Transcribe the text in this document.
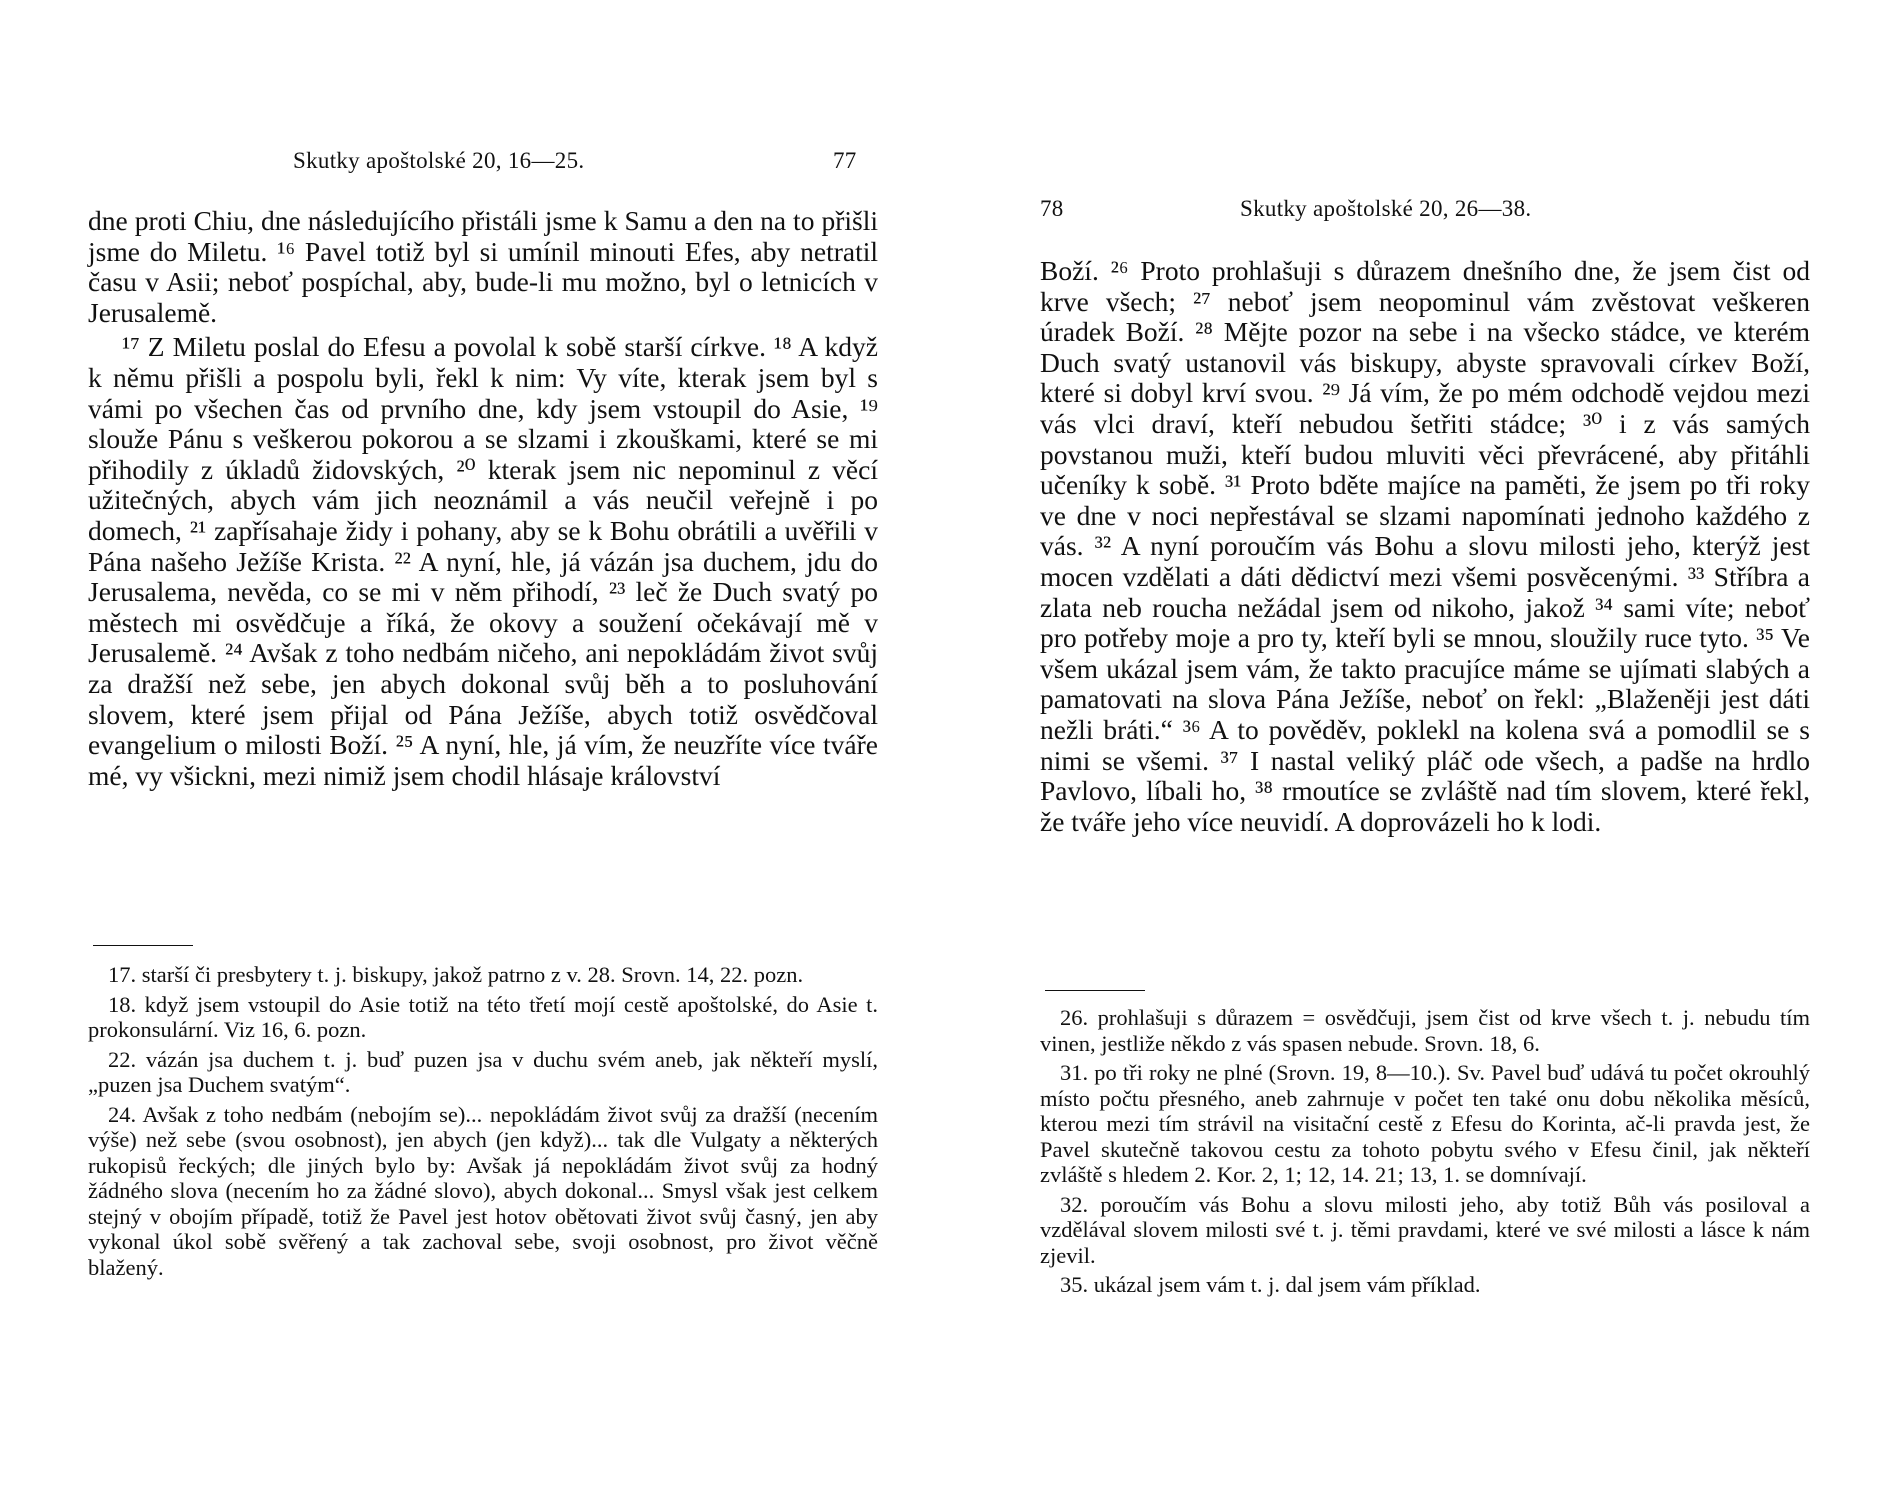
Skutky apoštolské 20, 16—25.	77

dne proti Chiu, dne následujícího přistáli jsme k Samu a den na to přišli jsme do Miletu. ¹⁶ Pavel totiž byl si umínil minouti Efes, aby netratil času v Asii; neboť pospíchal, aby, bude-li mu možno, byl o letnicích v Jerusalemě.

¹⁷ Z Miletu poslal do Efesu a povolal k sobě starší církve. ¹⁸ A když k němu přišli a pospolu byli, řekl k nim: Vy víte, kterak jsem byl s vámi po všechen čas od prvního dne, kdy jsem vstoupil do Asie, ¹⁹ slouže Pánu s veškerou pokorou a se slzami i zkouškami, které se mi přihodily z úkladů židovských, ²⁰ kterak jsem nic nepominul z věcí užitečných, abych vám jich neoznámil a vás neučil veřejně i po domech, ²¹ zapřísahaje židy i pohany, aby se k Bohu obrátili a uvěřili v Pána našeho Ježíše Krista. ²² A nyní, hle, já vázán jsa duchem, jdu do Jerusalema, nevěda, co se mi v něm přihodí, ²³ leč že Duch svatý po městech mi osvědčuje a říká, že okovy a soužení očekávají mě v Jerusalemě. ²⁴ Avšak z toho nedbám ničeho, ani nepokládám život svůj za dražší než sebe, jen abych dokonal svůj běh a to posluhování slovem, které jsem přijal od Pána Ježíše, abych totiž osvědčoval evangelium o milosti Boží. ²⁵ A nyní, hle, já vím, že neuzříte více tváře mé, vy všickni, mezi nimiž jsem chodil hlásaje království

17. starší či presbytery t. j. biskupy, jakož patrno z v. 28. Srovn. 14, 22. pozn.

18. když jsem vstoupil do Asie totiž na této třetí mojí cestě apoštolské, do Asie t. prokonsulární. Viz 16, 6. pozn.

22. vázán jsa duchem t. j. buď puzen jsa v duchu svém aneb, jak někteří myslí, „puzen jsa Duchem svatým“.

24. Avšak z toho nedbám (nebojím se)... nepokládám život svůj za dražší (necením výše) než sebe (svou osobnost), jen abych (jen když)... tak dle Vulgaty a některých rukopisů řeckých; dle jiných bylo by: Avšak já nepokládám život svůj za hodný žádného slova (necením ho za žádné slovo), abych dokonal... Smysl však jest celkem stejný v obojím případě, totiž že Pavel jest hotov obětovati život svůj časný, jen aby vykonal úkol sobě svěřený a tak zachoval sebe, svoji osobnost, pro život věčně blažený.

78	Skutky apoštolské 20, 26—38.

Boží. ²⁶ Proto prohlašuji s důrazem dnešního dne, že jsem čist od krve všech; ²⁷ neboť jsem neopominul vám zvěstovat veškeren úradek Boží. ²⁸ Mějte pozor na sebe i na všecko stádce, ve kterém Duch svatý ustanovil vás biskupy, abyste spravovali církev Boží, které si dobyl krví svou. ²⁹ Já vím, že po mém odchodě vejdou mezi vás vlci draví, kteří nebudou šetřiti stádce; ³⁰ i z vás samých povstanou muži, kteří budou mluviti věci převrácené, aby přitáhli učeníky k sobě. ³¹ Proto bděte majíce na paměti, že jsem po tři roky ve dne v noci nepřestával se slzami napomínati jednoho každého z vás. ³² A nyní poroučím vás Bohu a slovu milosti jeho, kterýž jest mocen vzdělati a dáti dědictví mezi všemi posvěcenými. ³³ Stříbra a zlata neb roucha nežádal jsem od nikoho, jakož ³⁴ sami víte; neboť pro potřeby moje a pro ty, kteří byli se mnou, sloužily ruce tyto. ³⁵ Ve všem ukázal jsem vám, že takto pracujíce máme se ujímati slabých a pamatovati na slova Pána Ježíše, neboť on řekl: „Blaženěji jest dáti nežli bráti.“ ³⁶ A to pověděv, poklekl na kolena svá a pomodlil se s nimi se všemi. ³⁷ I nastal veliký pláč ode všech, a padše na hrdlo Pavlovo, líbali ho, ³⁸ rmoutíce se zvláště nad tím slovem, které řekl, že tváře jeho více neuvidí. A doprovázeli ho k lodi.

26. prohlašuji s důrazem = osvědčuji, jsem čist od krve všech t. j. nebudu tím vinen, jestliže někdo z vás spasen nebude. Srovn. 18, 6.

31. po tři roky ne plné (Srovn. 19, 8—10.). Sv. Pavel buď udává tu počet okrouhlý místo počtu přesného, aneb zahrnuje v počet ten také onu dobu několika měsíců, kterou mezi tím strávil na visitační cestě z Efesu do Korinta, ač-li pravda jest, že Pavel skutečně takovou cestu za tohoto pobytu svého v Efesu činil, jak někteří zvláště s hledem 2. Kor. 2, 1; 12, 14. 21; 13, 1. se domnívají.

32. poroučím vás Bohu a slovu milosti jeho, aby totiž Bůh vás posiloval a vzdělával slovem milosti své t. j. těmi pravdami, které ve své milosti a lásce k nám zjevil.

35. ukázal jsem vám t. j. dal jsem vám příklad.
